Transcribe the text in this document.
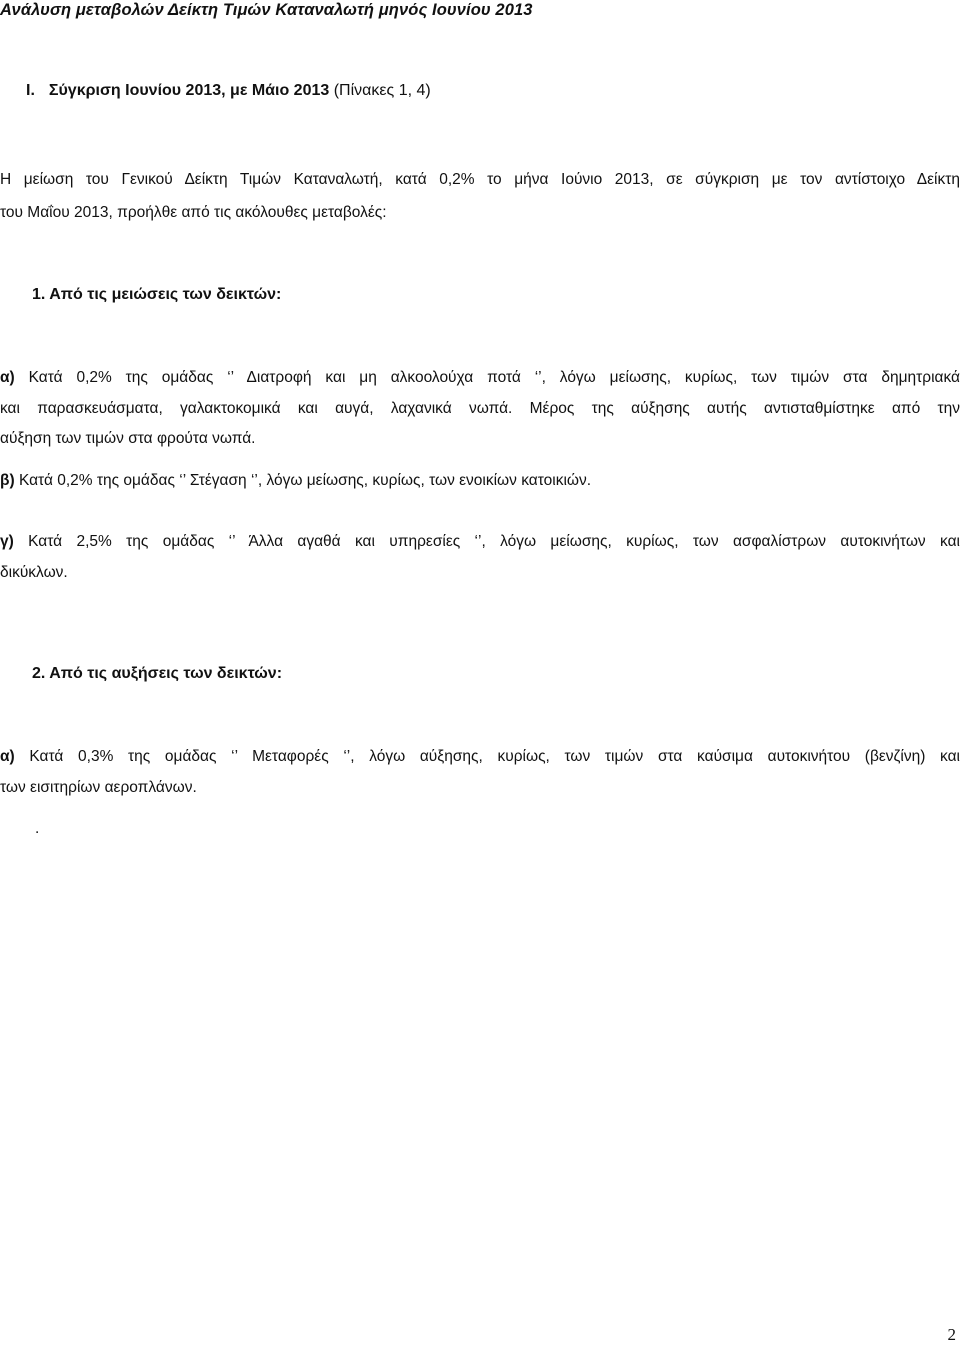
Ανάλυση μεταβολών Δείκτη Τιμών Καταναλωτή μηνός Ιουνίου 2013
Ι. Σύγκριση Ιουνίου 2013, με Μάιο 2013 (Πίνακες 1, 4)
Η μείωση του Γενικού Δείκτη Τιμών Καταναλωτή, κατά 0,2% το μήνα Ιούνιο 2013, σε σύγκριση με τον αντίστοιχο Δείκτη
του Μαΐου 2013, προήλθε από τις ακόλουθες μεταβολές:
1. Από τις μειώσεις των δεικτών:
α) Κατά 0,2% της ομάδας ‘’ Διατροφή και μη αλκοολούχα ποτά ‘’, λόγω μείωσης, κυρίως, των τιμών στα δημητριακά
και παρασκευάσματα, γαλακτοκομικά και αυγά, λαχανικά νωπά. Μέρος της αύξησης αυτής αντισταθμίστηκε από την
αύξηση των τιμών στα φρούτα νωπά.
β) Κατά 0,2% της ομάδας ‘’ Στέγαση ‘’, λόγω μείωσης, κυρίως, των ενοικίων κατοικιών.
γ) Κατά 2,5% της ομάδας ‘’ Άλλα αγαθά και υπηρεσίες ‘’, λόγω μείωσης, κυρίως, των ασφαλίστρων αυτοκινήτων και
δικύκλων.
2. Από τις αυξήσεις των δεικτών:
α) Κατά 0,3% της ομάδας ‘’ Μεταφορές ‘’, λόγω αύξησης, κυρίως, των τιμών στα καύσιμα αυτοκινήτου (βενζίνη) και
των εισιτηρίων αεροπλάνων.
.
2
